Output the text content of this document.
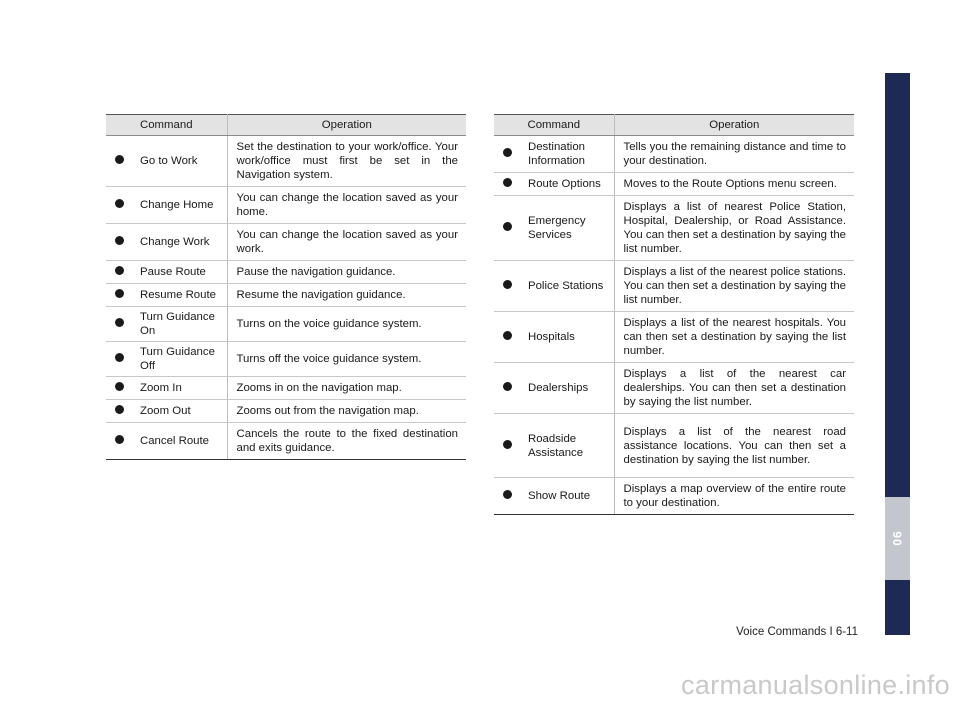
06
Command		Operation
	Go to Work	Set the destination to your work/office. Your work/office must first be set in the Navigation system.
	Change Home	You can change the location saved as your home.
	Change Work	You can change the location saved as your work.
	Pause Route	Pause the navigation guidance.
	Resume Route	Resume the navigation guidance.
	Turn Guidance On	Turns on the voice guidance system.
	Turn Guidance Off	Turns off the voice guidance system.
	Zoom In	Zooms in on the navigation map.
	Zoom Out	Zooms out from the navigation map.
	Cancel Route	Cancels the route to the fixed destination and exits guidance.
Command		Operation
	Destination Information	Tells you the remaining distance and time to your destination.
	Route Options	Moves to the Route Options menu screen.
	Emergency Services	Displays a list of nearest Police Station, Hospital, Dealership, or Road Assistance. You can then set a destination by saying the list number.
	Police Stations	Displays a list of the nearest police stations. You can then set a destination by saying the list number.
	Hospitals	Displays a list of the nearest hospitals. You can then set a destination by saying the list number.
	Dealerships	Displays a list of the nearest car dealerships. You can then set a destination by saying the list number.
	Roadside Assistance	Displays a list of the nearest road assistance locations. You can then set a destination by saying the list number.
	Show Route	Displays a map overview of the entire route to your destination.
Voice Commands I 6-11
carmanualsonline.info
